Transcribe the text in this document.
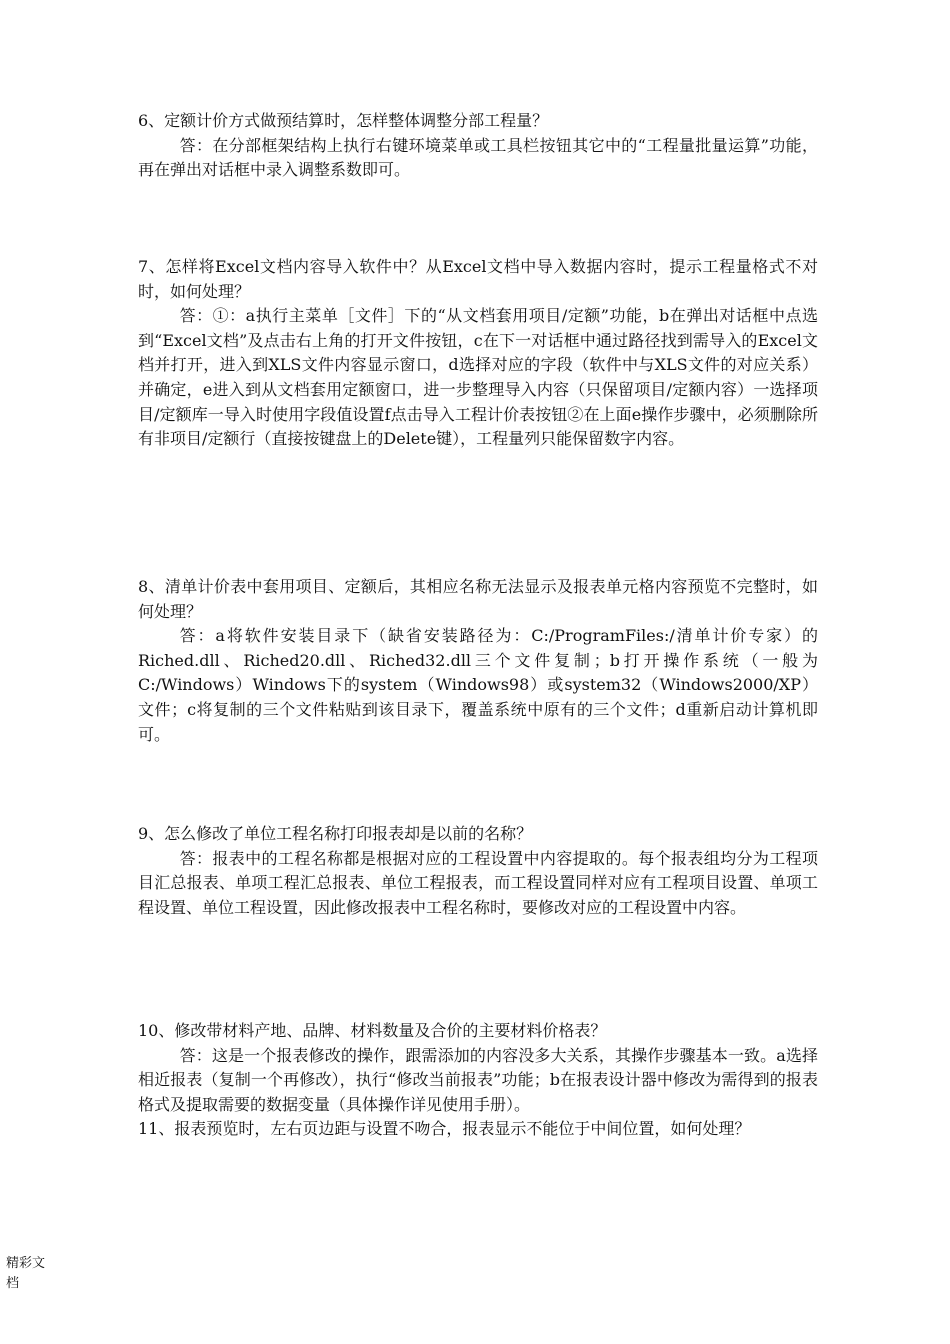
6、定额计价方式做预结算时，怎样整体调整分部工程量？

答：在分部框架结构上执行右键环境菜单或工具栏按钮其它中的“工程量批量运算”功能，再在弹出对话框中录入调整系数即可。

7、怎样将Excel文档内容导入软件中？从Excel文档中导入数据内容时，提示工程量格式不对时，如何处理？

答：①：a执行主菜单［文件］下的“从文档套用项目/定额”功能，b在弹出对话框中点选到“Excel文档”及点击右上角的打开文件按钮，c在下一对话框中通过路径找到需导入的Excel文档并打开，进入到XLS文件内容显示窗口，d选择对应的字段（软件中与XLS文件的对应关系）并确定，e进入到从文档套用定额窗口，进一步整理导入内容（只保留项目/定额内容）一选择项目/定额库一导入时使用字段值设置f点击导入工程计价表按钮②在上面e操作步骤中，必须删除所有非项目/定额行（直接按键盘上的Delete键），工程量列只能保留数字内容。

8、清单计价表中套用项目、定额后，其相应名称无法显示及报表单元格内容预览不完整时，如何处理？

答：a将软件安装目录下（缺省安装路径为：C:/ProgramFiles:/清单计价专家）的Riched.dll、Riched20.dll、Riched32.dll三个文件复制；b打开操作系统（一般为C:/Windows）Windows下的system（Windows98）或system32（Windows2000/XP）文件；c将复制的三个文件粘贴到该目录下，覆盖系统中原有的三个文件；d重新启动计算机即可。

9、怎么修改了单位工程名称打印报表却是以前的名称？

答：报表中的工程名称都是根据对应的工程设置中内容提取的。每个报表组均分为工程项目汇总报表、单项工程汇总报表、单位工程报表，而工程设置同样对应有工程项目设置、单项工程设置、单位工程设置，因此修改报表中工程名称时，要修改对应的工程设置中内容。

10、修改带材料产地、品牌、材料数量及合价的主要材料价格表？

答：这是一个报表修改的操作，跟需添加的内容没多大关系，其操作步骤基本一致。a选择相近报表（复制一个再修改），执行“修改当前报表”功能；b在报表设计器中修改为需得到的报表格式及提取需要的数据变量（具体操作详见使用手册）。

11、报表预览时，左右页边距与设置不吻合，报表显示不能位于中间位置，如何处理？

精彩文档
